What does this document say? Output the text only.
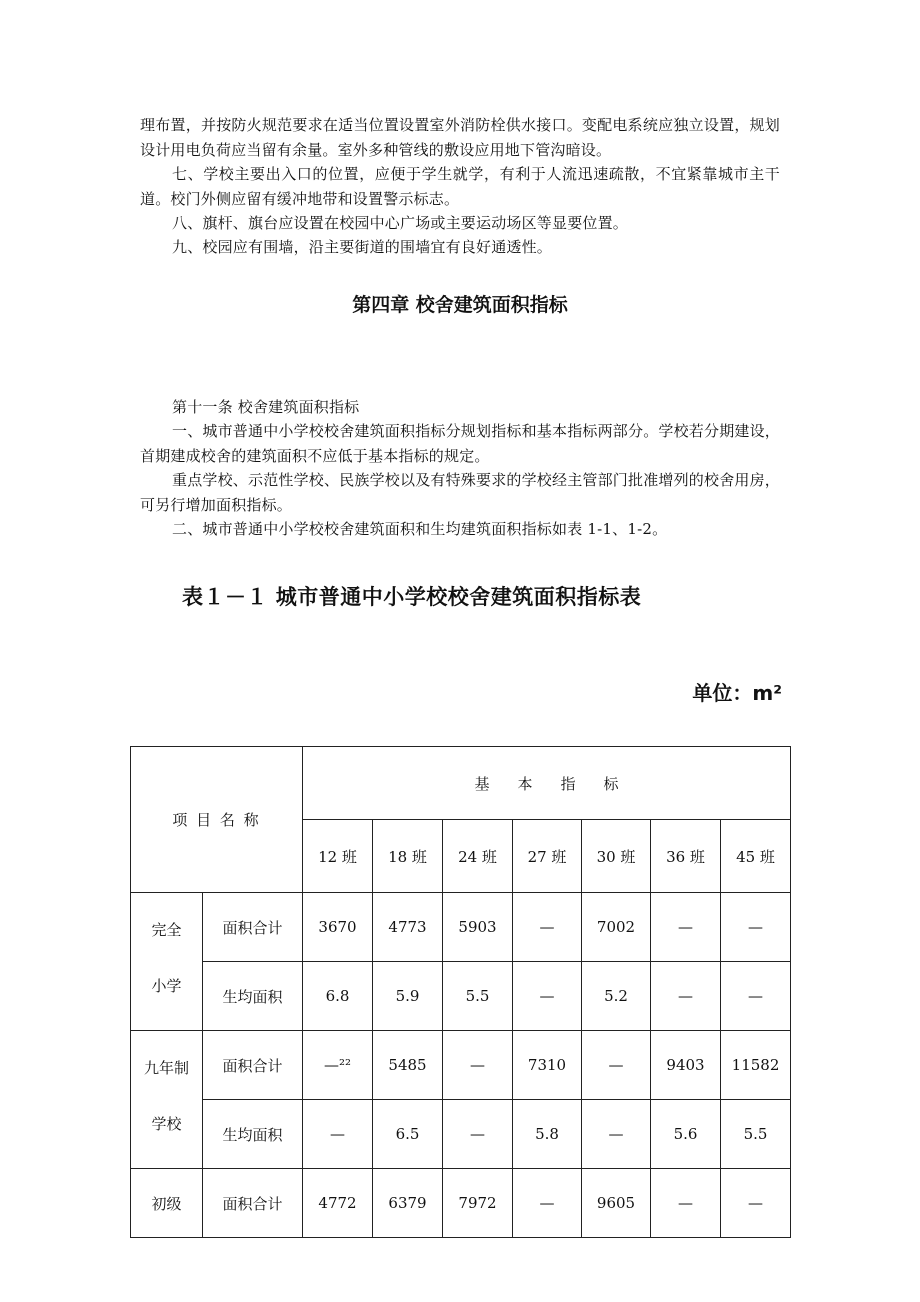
理布置，并按防火规范要求在适当位置设置室外消防栓供水接口。变配电系统应独立设置，规划设计用电负荷应当留有余量。室外多种管线的敷设应用地下管沟暗设。

七、学校主要出入口的位置，应便于学生就学，有利于人流迅速疏散，不宜紧靠城市主干道。校门外侧应留有缓冲地带和设置警示标志。

八、旗杆、旗台应设置在校园中心广场或主要运动场区等显要位置。

九、校园应有围墙，沿主要街道的围墙宜有良好通透性。

第四章 校舍建筑面积指标

第十一条 校舍建筑面积指标

一、城市普通中小学校校舍建筑面积指标分规划指标和基本指标两部分。学校若分期建设，首期建成校舍的建筑面积不应低于基本指标的规定。

重点学校、示范性学校、民族学校以及有特殊要求的学校经主管部门批准增列的校舍用房，可另行增加面积指标。

二、城市普通中小学校校舍建筑面积和生均建筑面积指标如表 1-1、1-2。

表１－１ 城市普通中小学校校舍建筑面积指标表
单位：m²
项 目 名 称		基 本 指 标						
		12 班	18 班	24 班	27 班	30 班	36 班	45 班

完全
小学	面积合计	3670	4773	5903	—	7002	—	—
	生均面积	6.8	5.9	5.5	—	5.2	—	—

九年制
学校	面积合计	—²²	5485	—	7310	—	9403	11582
	生均面积	—	6.5	—	5.8	—	5.6	5.5
初级	面积合计	4772	6379	7972	—	9605	—	—
